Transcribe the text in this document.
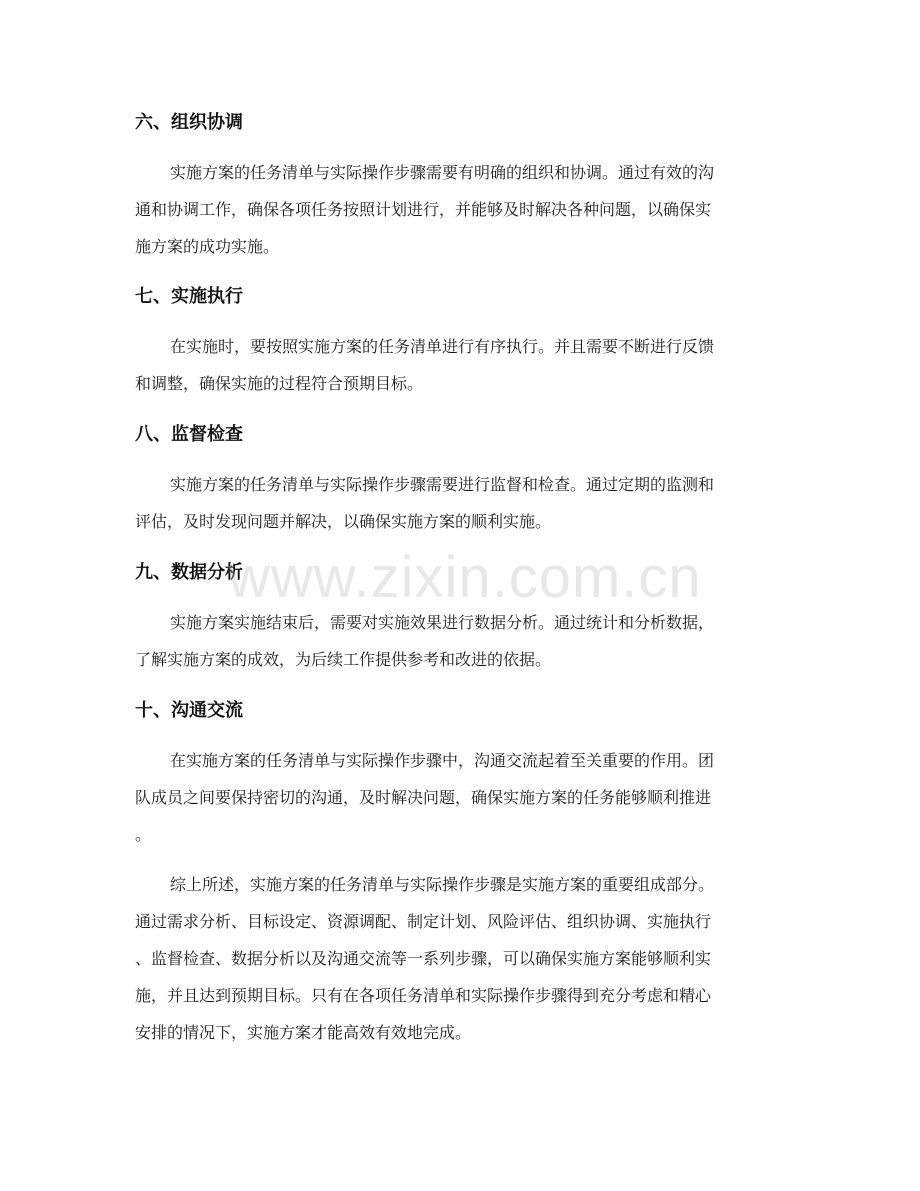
六、组织协调
实施方案的任务清单与实际操作步骤需要有明确的组织和协调。通过有效的沟
通和协调工作，确保各项任务按照计划进行，并能够及时解决各种问题，以确保实
施方案的成功实施。
七、实施执行
在实施时，要按照实施方案的任务清单进行有序执行。并且需要不断进行反馈
和调整，确保实施的过程符合预期目标。
八、监督检查
实施方案的任务清单与实际操作步骤需要进行监督和检查。通过定期的监测和
评估，及时发现问题并解决，以确保实施方案的顺利实施。
九、数据分析
实施方案实施结束后，需要对实施效果进行数据分析。通过统计和分析数据，
了解实施方案的成效，为后续工作提供参考和改进的依据。
十、沟通交流
在实施方案的任务清单与实际操作步骤中，沟通交流起着至关重要的作用。团
队成员之间要保持密切的沟通，及时解决问题，确保实施方案的任务能够顺利推进
。
综上所述，实施方案的任务清单与实际操作步骤是实施方案的重要组成部分。
通过需求分析、目标设定、资源调配、制定计划、风险评估、组织协调、实施执行
、监督检查、数据分析以及沟通交流等一系列步骤，可以确保实施方案能够顺利实
施，并且达到预期目标。只有在各项任务清单和实际操作步骤得到充分考虑和精心
安排的情况下，实施方案才能高效有效地完成。
www.zixin.com.cn
